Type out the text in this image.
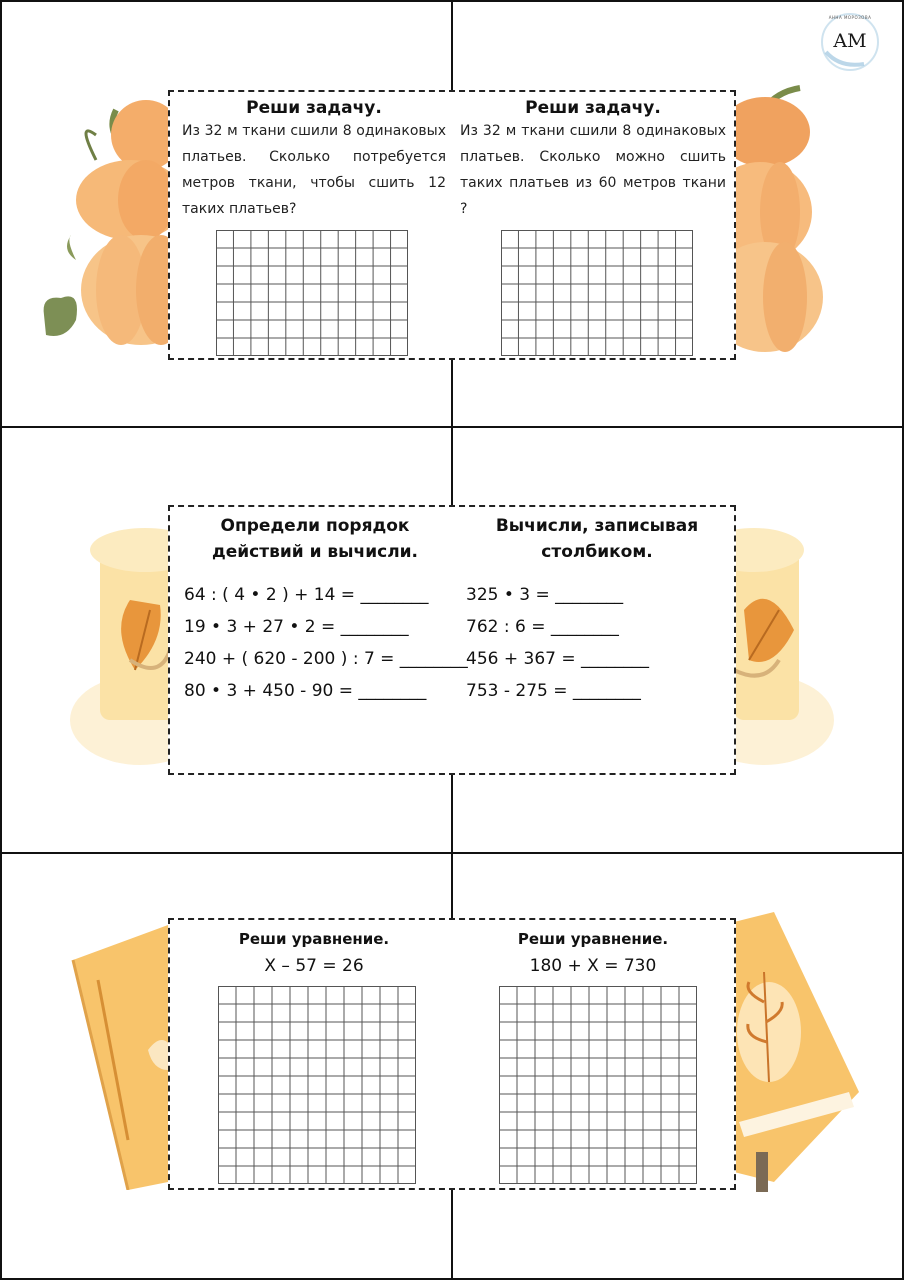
АННА МОРОЗОВА
AM
Реши задачу.
Из 32 м ткани сшили 8 одинаковых платьев. Сколько потребуется метров ткани, чтобы сшить 12 таких платьев?
Реши задачу.
Из 32 м ткани сшили 8 одинаковых платьев. Сколько можно сшить таких платьев из 60 метров ткани ?
Определи порядок
действий и вычисли.
64 : ( 4 • 2 ) + 14 = ________
19 • 3 + 27 • 2 = ________
240 + ( 620 - 200 ) : 7 = ________
80 • 3 + 450 - 90 = ________
Вычисли, записывая
столбиком.
325 • 3 = ________
762 : 6 = ________
456 + 367 = ________
753 - 275 = ________
Реши уравнение.
Х – 57 = 26
Реши уравнение.
180 + Х = 730
